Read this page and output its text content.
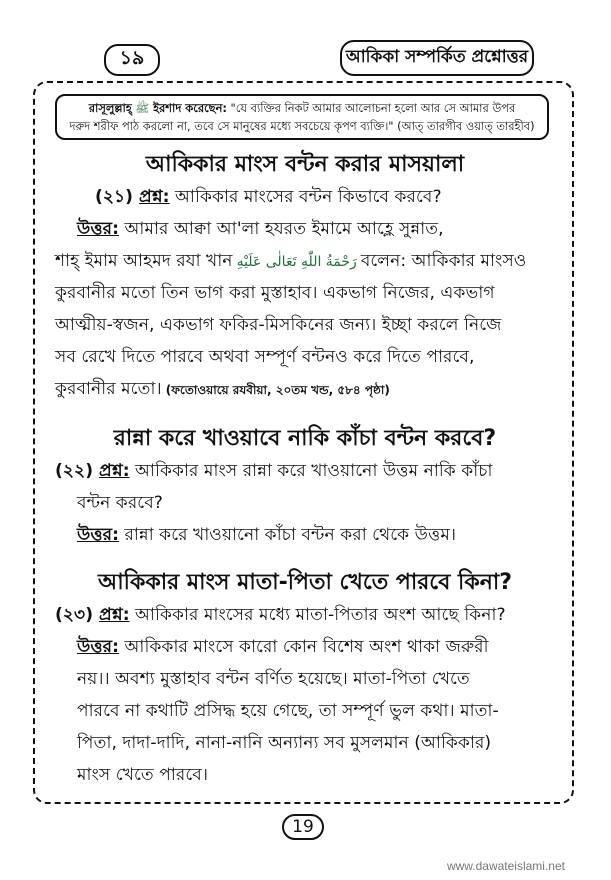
১৯	আকিকা সম্পর্কিত প্রশ্নোত্তর
রাসূলুল্লাহ্ ﷺ ইরশাদ করেছেন: "যে ব্যক্তির নিকট আমার আলোচনা হলো আর সে আমার উপর
দরুদ শরীফ পাঠ করলো না, তবে সে মানুষের মধ্যে সবচেয়ে কৃপণ ব্যক্তি।" (আত্ তারগীব ওয়াত্ তারহীব)
আকিকার মাংস বন্টন করার মাসয়ালা
(২১) প্রশ্ন: আকিকার মাংসের বন্টন কিভাবে করবে?
উত্তর: আমার আক্বা আ'লা হযরত ইমামে আহ্লে সুন্নাত,
শাহ্ ইমাম আহমদ রযা খান رَحْمَةُ اللّٰهِ تَعَالٰی عَلَيْهِ বলেন: আকিকার মাংসও
কুরবানীর মতো তিন ভাগ করা মুস্তাহাব। একভাগ নিজের, একভাগ
আত্মীয়-স্বজন, একভাগ ফকির-মিসকিনের জন্য। ইচ্ছা করলে নিজে
সব রেখে দিতে পারবে অথবা সম্পূর্ণ বন্টনও করে দিতে পারবে,
কুরবানীর মতো। (ফতোওয়ায়ে রযবীয়া, ২০তম খন্ড, ৫৮৪ পৃষ্ঠা)
রান্না করে খাওয়াবে নাকি কাঁচা বন্টন করবে?
(২২) প্রশ্ন: আকিকার মাংস রান্না করে খাওয়ানো উত্তম নাকি কাঁচা
বন্টন করবে?
উত্তর: রান্না করে খাওয়ানো কাঁচা বন্টন করা থেকে উত্তম।
আকিকার মাংস মাতা-পিতা খেতে পারবে কিনা?
(২৩) প্রশ্ন: আকিকার মাংসের মধ্যে মাতা-পিতার অংশ আছে কিনা?
উত্তর: আকিকার মাংসে কারো কোন বিশেষ অংশ থাকা জরুরী
নয়।। অবশ্য মুস্তাহাব বন্টন বর্ণিত হয়েছে। মাতা-পিতা খেতে
পারবে না কথাটি প্রসিদ্ধ হয়ে গেছে, তা সম্পূর্ণ ভুল কথা। মাতা-
পিতা, দাদা-দাদি, নানা-নানি অন্যান্য সব মুসলমান (আকিকার)
মাংস খেতে পারবে।
19
www.dawateislami.net
